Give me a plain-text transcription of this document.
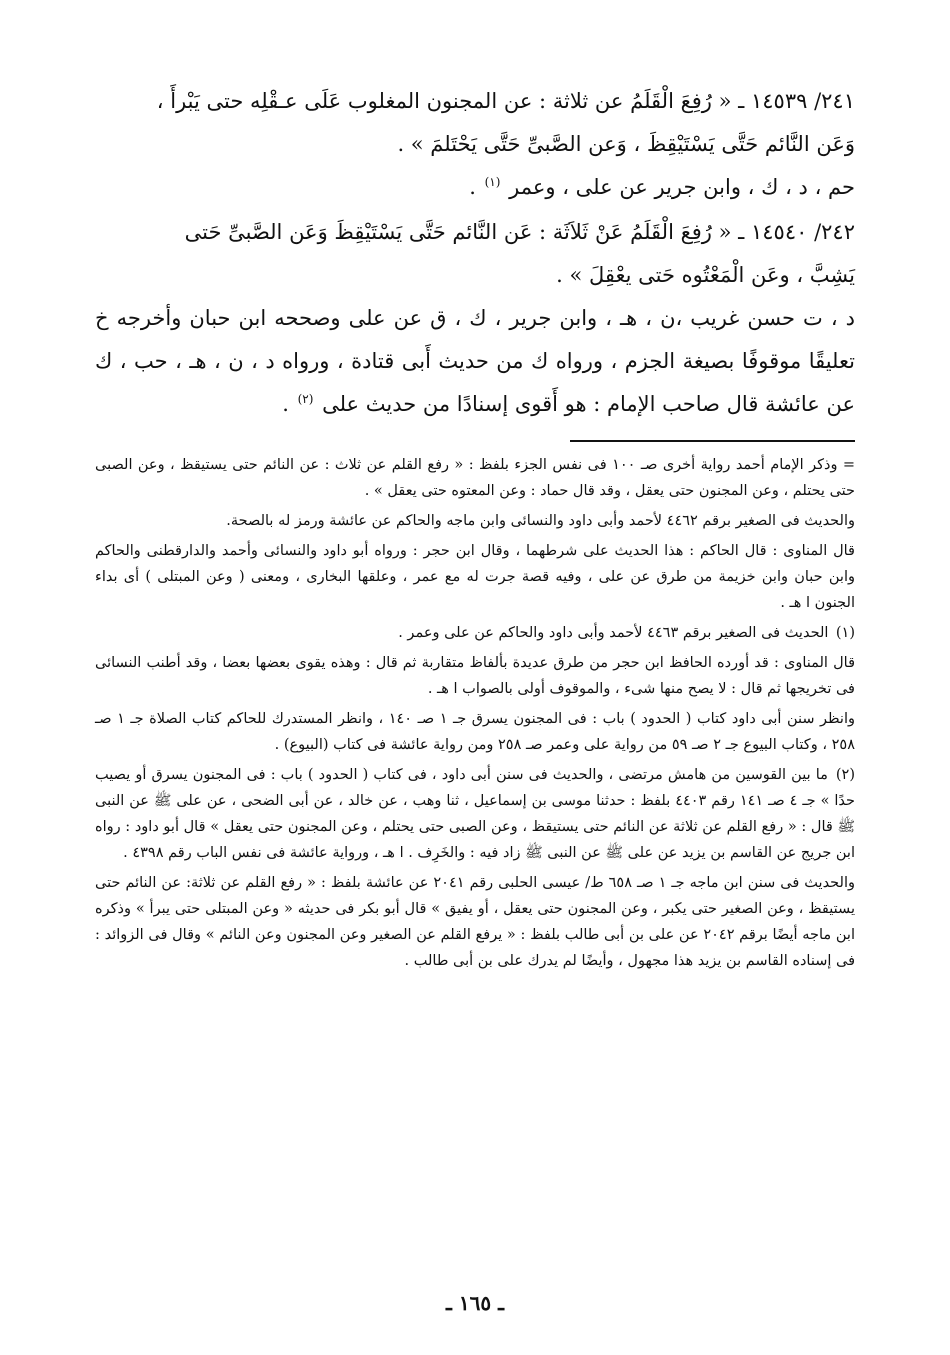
٢٤١/ ١٤٥٣٩ ـ « رُفِعَ الْقَلَمُ عن ثلاثة : عن المجنون المغلوب عَلَى عـقْلِه حتى يَبْرأَ ،

وَعَن النَّائم حَتَّى يَسْتَيْقِظَ ، وَعن الصَّبىِّ حَتَّى يَحْتَلمَ » .

حم ، د ، ك ، وابن جرير عن على ، وعمر $^{(١)}$ .

٢٤٢/ ١٤٥٤٠ ـ « رُفِعَ الْقَلَمُ عَنْ ثَلاَثَة : عَن النَّائم حَتَّى يَسْتَيْقِظَ وَعَن الصَّبىِّ حَتى

يَشِبَّ ، وعَن الْمَعْتُوه حَتى يعْقِلَ » .

د ، ت حسن غريب ،ن ، هـ ، وابن جرير ، ك ، ق عن على وصححه ابن حبان وأخرجه خ تعليقًا موقوفًا بصيغة الجزم ، ورواه ك من حديث أَبى قتادة ، ورواه د ، ن ، هـ ، حب ، ك عن عائشة قال صاحب الإمام : هو أَقوى إسنادًا من حديث على $^{(٢)}$ .

= وذكر الإمام أحمد رواية أخرى صـ ١٠٠ فى نفس الجزء بلفظ : « رفع القلم عن ثلاث : عن النائم حتى يستيقظ ، وعن الصبى حتى يحتلم ، وعن المجنون حتى يعقل ، وقد قال حماد : وعن المعتوه حتى يعقل » .

والحديث فى الصغير برقم ٤٤٦٢ لأحمد وأبى داود والنسائى وابن ماجه والحاكم عن عائشة ورمز له بالصحة.

قال المناوى : قال الحاكم : هذا الحديث على شرطهما ، وقال ابن حجر : ورواه أبو داود والنسائى وأحمد والدارقطنى والحاكم وابن حبان وابن خزيمة من طرق عن على ، وفيه قصة جرت له مع عمر ، وعلقها البخارى ، ومعنى ( وعن المبتلى ) أى بداء الجنون ا هـ .

(١) الحديث فى الصغير برقم ٤٤٦٣ لأحمد وأبى داود والحاكم عن على وعمر .

قال المناوى : قد أورده الحافظ ابن حجر من طرق عديدة بألفاظ متقاربة ثم قال : وهذه يقوى بعضها بعضا ، وقد أطنب النسائى فى تخريجها ثم قال : لا يصح منها شىء ، والموقوف أولى بالصواب ا هـ .

وانظر سنن أبى داود كتاب ( الحدود ) باب : فى المجنون يسرق جـ ١ صـ ١٤٠ ، وانظر المستدرك للحاكم كتاب الصلاة جـ ١ صـ ٢٥٨ ، وكتاب البيوع جـ ٢ صـ ٥٩ من رواية على وعمر صـ ٢٥٨ ومن رواية عائشة فى كتاب (البيوع) .

(٢) ما بين القوسين من هامش مرتضى ، والحديث فى سنن أبى داود ، فى كتاب ( الحدود ) باب : فى المجنون يسرق أو يصيب حدًا » جـ ٤ صـ ١٤١ رقم ٤٤٠٣ بلفظ : حدثنا موسى بن إسماعيل ، ثنا وهب ، عن خالد ، عن أبى الضحى ، عن على ﷺ عن النبى ﷺ قال : « رفع القلم عن ثلاثة عن النائم حتى يستيقظ ، وعن الصبى حتى يحتلم ، وعن المجنون حتى يعقل » قال أبو داود : رواه ابن جريج عن القاسم بن يزيد عن على ﷺ عن النبى ﷺ زاد فيه : والخَرِف . ا هـ ، ورواية عائشة فى نفس الباب رقم ٤٣٩٨ .

والحديث فى سنن ابن ماجه جـ ١ صـ ٦٥٨ ط/ عيسى الحلبى رقم ٢٠٤١ عن عائشة بلفظ : « رفع القلم عن ثلاثة: عن النائم حتى يستيقظ ، وعن الصغير حتى يكبر ، وعن المجنون حتى يعقل ، أو يفيق » قال أبو بكر فى حديثه « وعن المبتلى حتى يبرأ » وذكره ابن ماجه أيضًا برقم ٢٠٤٢ عن على بن أبى طالب بلفظ : « يرفع القلم عن الصغير وعن المجنون وعن النائم » وقال فى الزوائد : فى إسناده القاسم بن يزيد هذا مجهول ، وأيضًا لم يدرك على بن أبى طالب .

ـ ١٦٥ ـ
